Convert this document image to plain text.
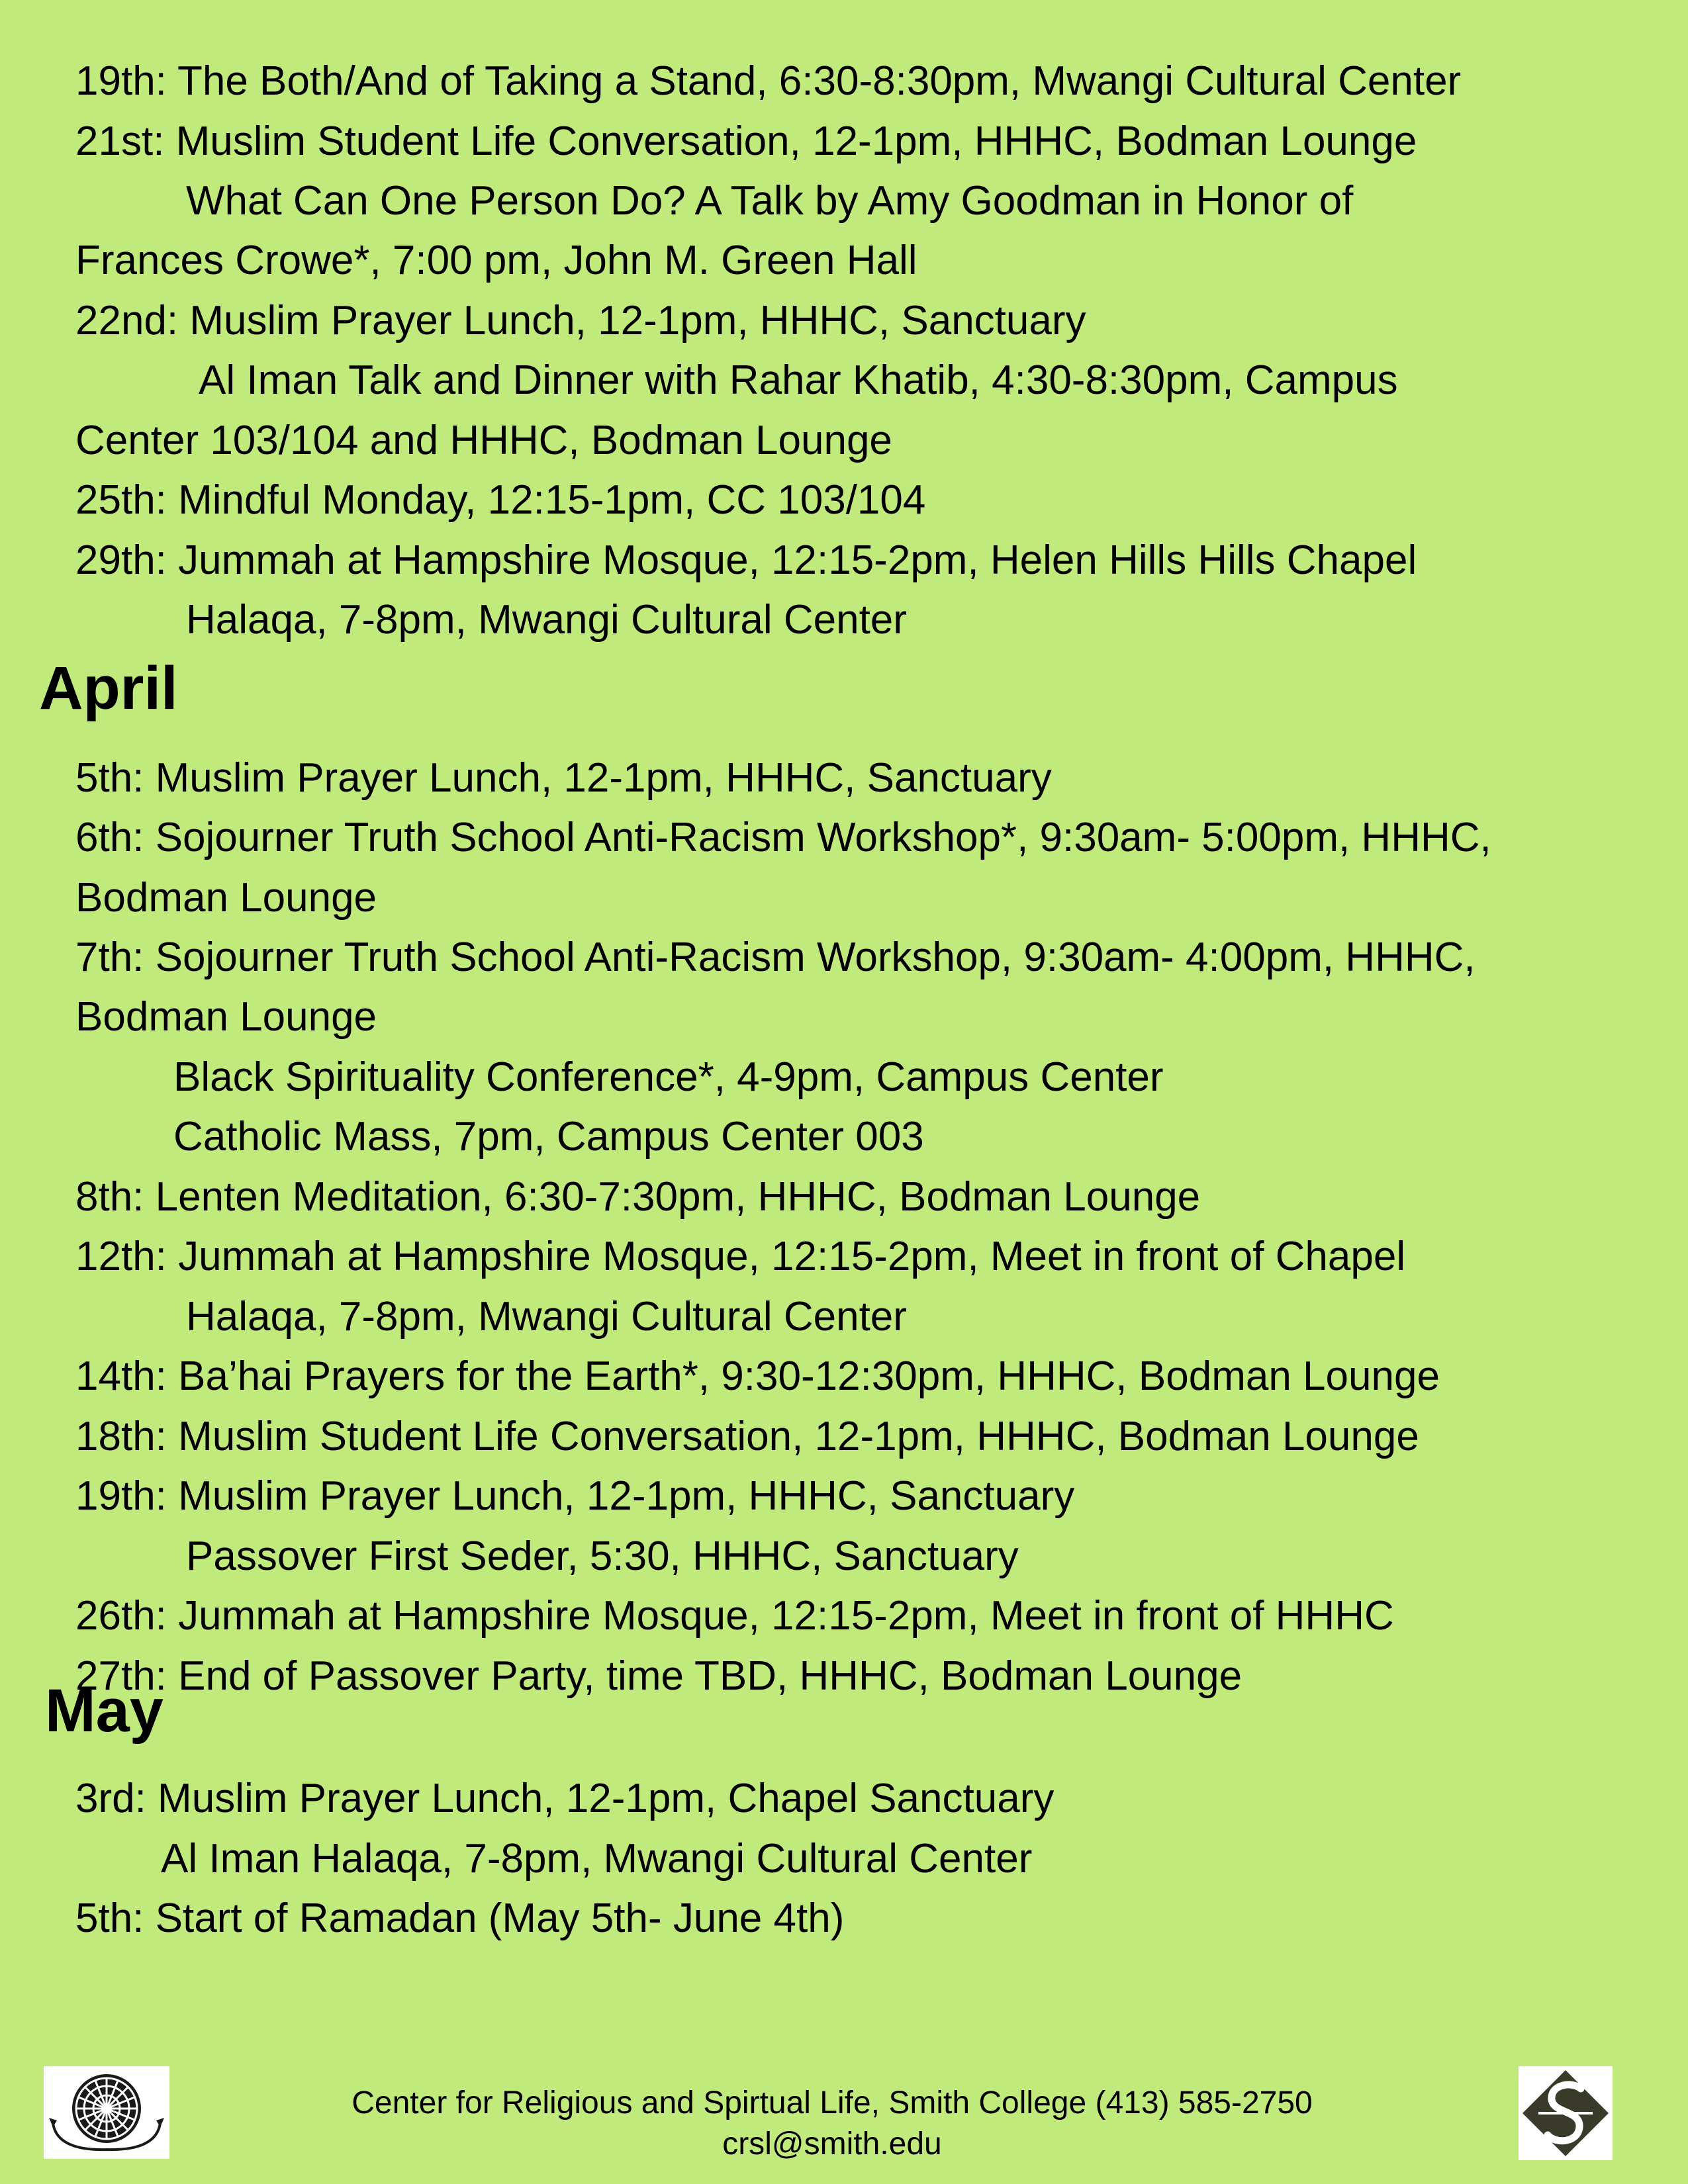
19th: The Both/And of Taking a Stand, 6:30-8:30pm, Mwangi Cultural Center

21st: Muslim Student Life Conversation, 12-1pm, HHHC, Bodman Lounge

What Can One Person Do? A Talk by Amy Goodman in Honor of

Frances Crowe*, 7:00 pm, John M. Green Hall

22nd: Muslim Prayer Lunch, 12-1pm, HHHC, Sanctuary

Al Iman Talk and Dinner with Rahar Khatib, 4:30-8:30pm, Campus

Center 103/104 and HHHC, Bodman Lounge

25th: Mindful Monday, 12:15-1pm, CC 103/104

29th: Jummah at Hampshire Mosque, 12:15-2pm, Helen Hills Hills Chapel

Halaqa, 7-8pm, Mwangi Cultural Center

April

5th: Muslim Prayer Lunch, 12-1pm, HHHC, Sanctuary

6th: Sojourner Truth School Anti-Racism Workshop*, 9:30am- 5:00pm, HHHC,

Bodman Lounge

7th: Sojourner Truth School Anti-Racism Workshop, 9:30am- 4:00pm, HHHC,

Bodman Lounge

Black Spirituality Conference*, 4-9pm, Campus Center

Catholic Mass, 7pm, Campus Center 003

8th: Lenten Meditation, 6:30-7:30pm, HHHC, Bodman Lounge

12th: Jummah at Hampshire Mosque, 12:15-2pm, Meet in front of Chapel

Halaqa, 7-8pm, Mwangi Cultural Center

14th: Ba’hai Prayers for the Earth*, 9:30-12:30pm, HHHC, Bodman Lounge

18th: Muslim Student Life Conversation, 12-1pm, HHHC, Bodman Lounge

19th: Muslim Prayer Lunch, 12-1pm, HHHC, Sanctuary

Passover First Seder, 5:30, HHHC, Sanctuary

26th: Jummah at Hampshire Mosque, 12:15-2pm, Meet in front of HHHC

27th: End of Passover Party, time TBD, HHHC, Bodman Lounge

May

3rd: Muslim Prayer Lunch, 12-1pm, Chapel Sanctuary

Al Iman Halaqa, 7-8pm, Mwangi Cultural Center

5th: Start of Ramadan (May 5th- June 4th)

Center for Religious and Spirtual Life, Smith College (413) 585-2750

crsl@smith.edu
